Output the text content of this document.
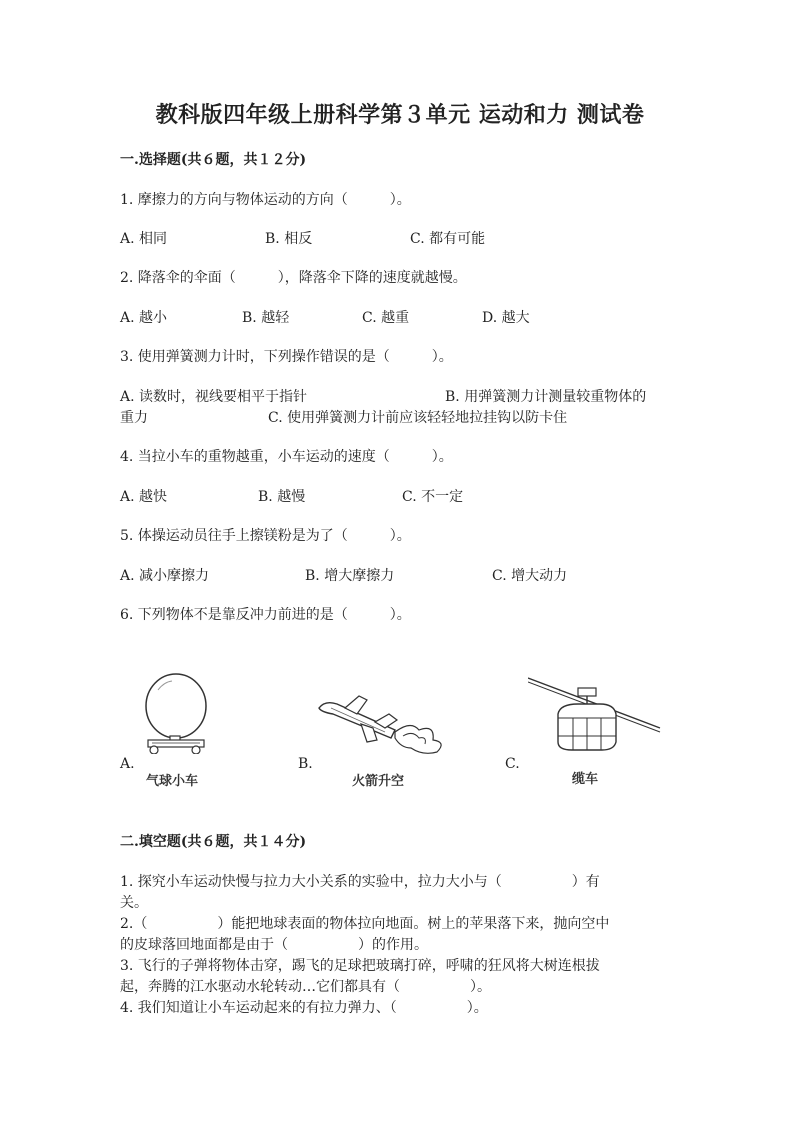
教科版四年级上册科学第３单元 运动和力 测试卷
一.选择题(共６题，共１２分)
1. 摩擦力的方向与物体运动的方向（　　　）。
A. 相同	B. 相反	C. 都有可能
2. 降落伞的伞面（　　　），降落伞下降的速度就越慢。
A. 越小	B. 越轻	C. 越重	D. 越大
3. 使用弹簧测力计时，下列操作错误的是（　　　）。
A. 读数时，视线要相平于指针	B. 用弹簧测力计测量较重物体的
重力	C. 使用弹簧测力计前应该轻轻地拉挂钩以防卡住
4. 当拉小车的重物越重，小车运动的速度（　　　）。
A. 越快	B. 越慢	C. 不一定
5. 体操运动员往手上擦镁粉是为了（　　　）。
A. 减小摩擦力	B. 增大摩擦力	C. 增大动力
6. 下列物体不是靠反冲力前进的是（　　　）。
A.
气球小车
B.
火箭升空
C.
缆车
二.填空题(共６题，共１４分)
1. 探究小车运动快慢与拉力大小关系的实验中，拉力大小与（　　　　　）有
关。
2.（　　　　　）能把地球表面的物体拉向地面。树上的苹果落下来，抛向空中
的皮球落回地面都是由于（　　　　　）的作用。
3. 飞行的子弹将物体击穿，踢飞的足球把玻璃打碎，呼啸的狂风将大树连根拔
起，奔腾的江水驱动水轮转动…它们都具有（　　　　　）。
4. 我们知道让小车运动起来的有拉力弹力、（　　　　　）。
